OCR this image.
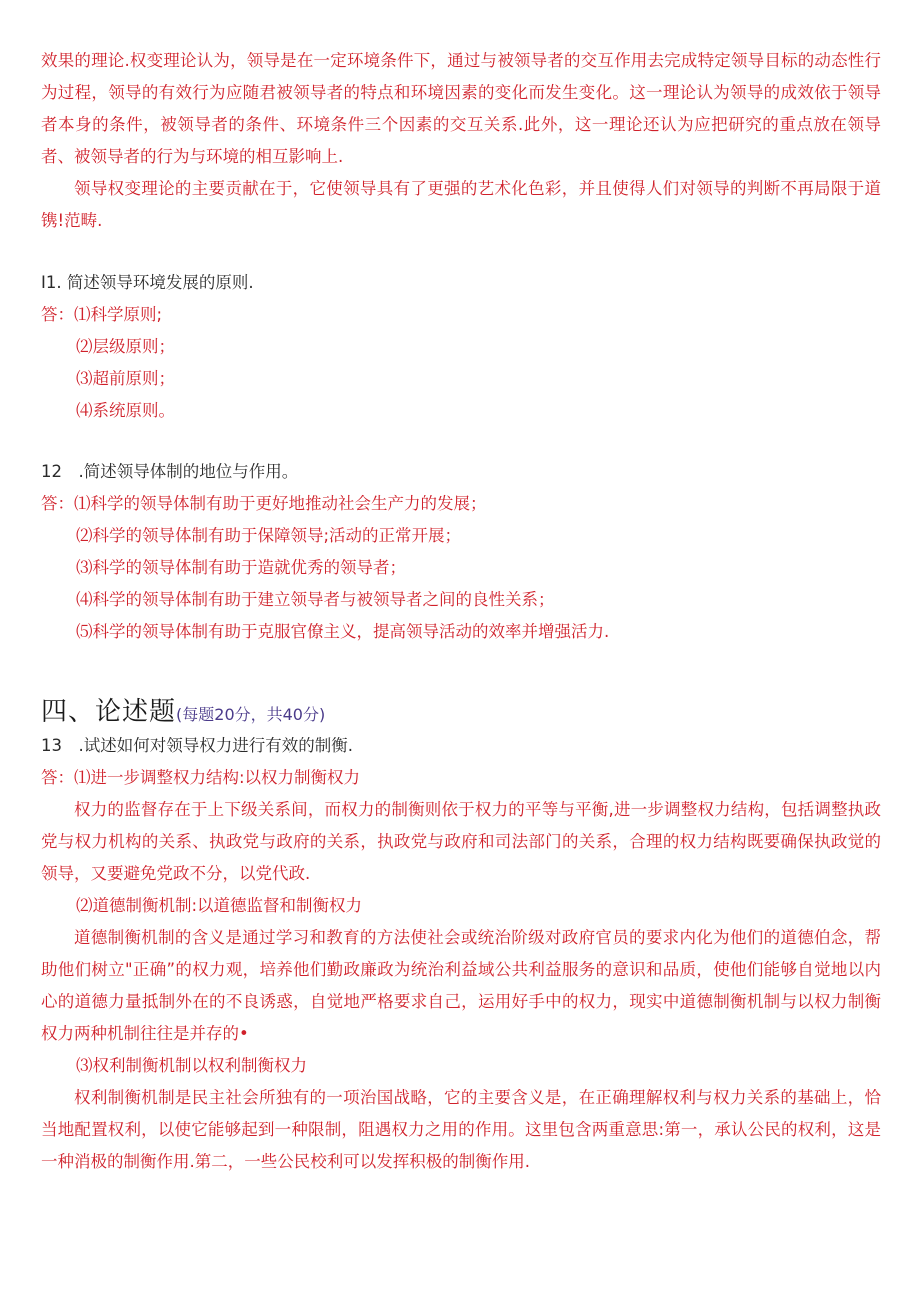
效果的理论.权变理论认为，领导是在一定环境条件下，通过与被领导者的交互作用去完成特定领导目标的动态性行为过程，领导的有效行为应随君被领导者的特点和环境因素的变化而发生变化。这一理论认为领导的成效依于领导者本身的条件，被领导者的条件、环境条件三个因素的交互关系.此外，这一理论还认为应把研究的重点放在领导者、被领导者的行为与环境的相互影响上.

领导权变理论的主要贡献在于，它使领导具有了更强的艺术化色彩，并且使得人们对领导的判断不再局限于道镌!范畴.

I1. 简述领导环境发展的原则.

答：⑴科学原则;

⑵层级原则；

⑶超前原则；

⑷系统原则。

12　.简述领导体制的地位与作用。

答：⑴科学的领导体制有助于更好地推动社会生产力的发展；

⑵科学的领导体制有助于保障领导;活动的正常开展；

⑶科学的领导体制有助于造就优秀的领导者；

⑷科学的领导体制有助于建立领导者与被领导者之间的良性关系；

⑸科学的领导体制有助于克服官僚主义，提高领导活动的效率并增强活力.

四、论述题(每题20分，共40分)

13　.试述如何对领导权力进行有效的制衡.

答：⑴进一步调整权力结构:以权力制衡权力

权力的监督存在于上下级关系间，而权力的制衡则依于权力的平等与平衡,进一步调整权力结构，包括调整执政党与权力机构的关系、执政党与政府的关系，执政党与政府和司法部门的关系，合理的权力结构既要确保执政觉的领导，又要避免党政不分，以党代政.

⑵道德制衡机制:以道德监督和制衡权力

道德制衡机制的含义是通过学习和教育的方法使社会或统治阶级对政府官员的要求内化为他们的道德伯念，帮助他们树立"正确”的权力观，培养他们勤政廉政为统治利益域公共利益服务的意识和品质，使他们能够自觉地以内心的道德力量抵制外在的不良诱惑，自觉地严格要求自己，运用好手中的权力，现实中道德制衡机制与以权力制衡权力两种机制往往是并存的•

⑶权利制衡机制以权利制衡权力

权利制衡机制是民主社会所独有的一项治国战略，它的主要含义是，在正确理解权利与权力关系的基础上，恰当地配置权利，以使它能够起到一种限制，阻遇权力之用的作用。这里包含两重意思:第一，承认公民的权利，这是一种消极的制衡作用.第二，一些公民校利可以发挥积极的制衡作用.
